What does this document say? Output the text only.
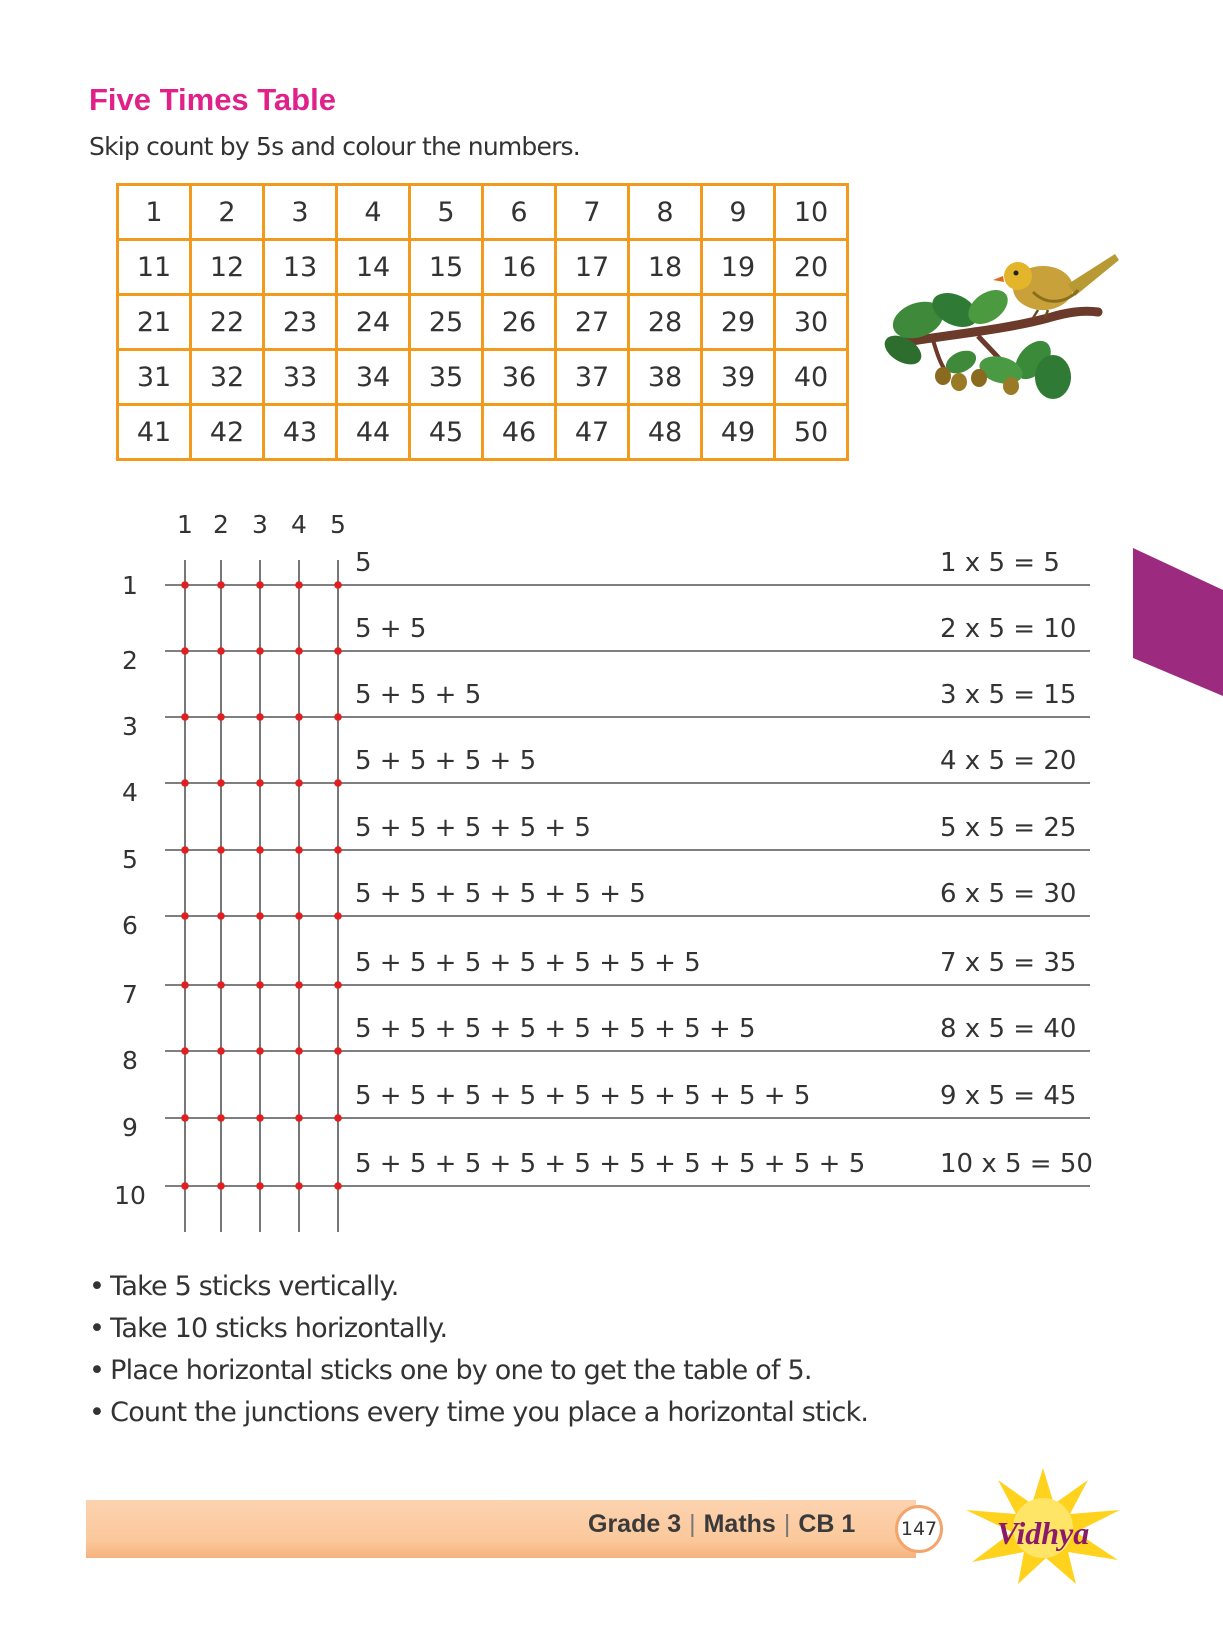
Five Times Table
Skip count by 5s and colour the numbers.
1	2	3	4	5	6	7	8	9	10
11	12	13	14	15	16	17	18	19	20
21	22	23	24	25	26	27	28	29	30
31	32	33	34	35	36	37	38	39	40
41	42	43	44	45	46	47	48	49	50
1 2 3 4 5
1
5	1 x 5 = 5
2
5 + 5	2 x 5 = 10
3
5 + 5 + 5	3 x 5 = 15
4
5 + 5 + 5 + 5	4 x 5 = 20
5
5 + 5 + 5 + 5 + 5	5 x 5 = 25
6
5 + 5 + 5 + 5 + 5 + 5	6 x 5 = 30
7
5 + 5 + 5 + 5 + 5 + 5 + 5	7 x 5 = 35
8
5 + 5 + 5 + 5 + 5 + 5 + 5 + 5	8 x 5 = 40
9
5 + 5 + 5 + 5 + 5 + 5 + 5 + 5 + 5	9 x 5 = 45
10
5 + 5 + 5 + 5 + 5 + 5 + 5 + 5 + 5 + 5	10 x 5 = 50
• Take 5 sticks vertically.
• Take 10 sticks horizontally.
• Place horizontal sticks one by one to get the table of 5.
• Count the junctions every time you place a horizontal stick.
Grade 3 | Maths | CB 1	147 Vidhya
